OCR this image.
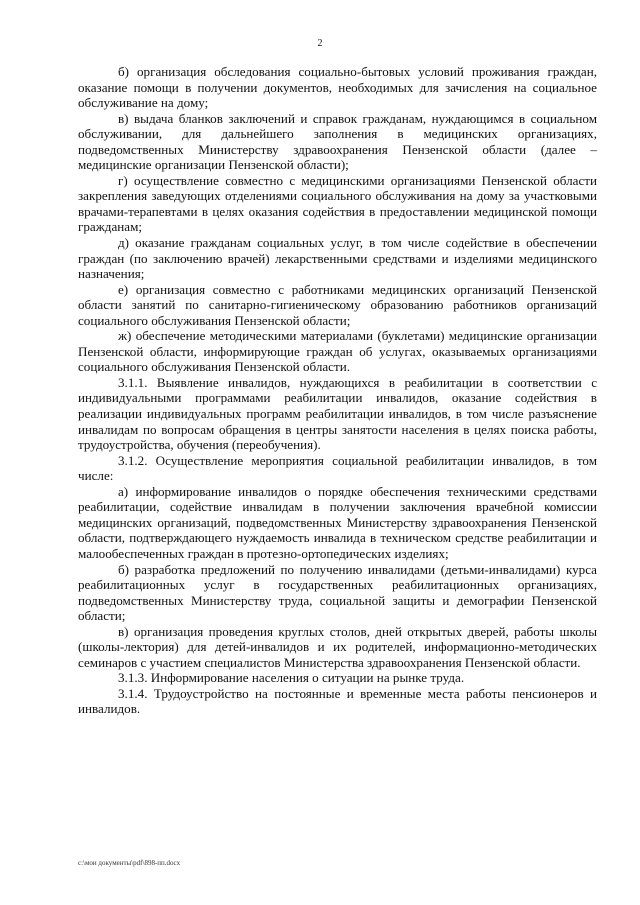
2

б) организация обследования социально-бытовых условий проживания граждан, оказание помощи в получении документов, необходимых для зачисления на социальное обслуживание на дому;

в) выдача бланков заключений и справок гражданам, нуждающимся в социальном обслуживании, для дальнейшего заполнения в медицинских организациях, подведомственных Министерству здравоохранения Пензенской области (далее – медицинские организации Пензенской области);

г) осуществление совместно с медицинскими организациями Пензенской области закрепления заведующих отделениями социального обслуживания на дому за участковыми врачами-терапевтами в целях оказания содействия в предоставлении медицинской помощи гражданам;

д) оказание гражданам социальных услуг, в том числе содействие в обеспечении граждан (по заключению врачей) лекарственными средствами и изделиями медицинского назначения;

е) организация совместно с работниками медицинских организаций Пензенской области занятий по санитарно-гигиеническому образованию работников организаций социального обслуживания Пензенской области;

ж) обеспечение методическими материалами (буклетами) медицинские организации Пензенской области, информирующие граждан об услугах, оказываемых организациями социального обслуживания Пензенской области.

3.1.1. Выявление инвалидов, нуждающихся в реабилитации в соответствии с индивидуальными программами реабилитации инвалидов, оказание содействия в реализации индивидуальных программ реабилитации инвалидов, в том числе разъяснение инвалидам по вопросам обращения в центры занятости населения в целях поиска работы, трудоустройства, обучения (переобучения).

3.1.2. Осуществление мероприятия социальной реабилитации инвалидов, в том числе:

а) информирование инвалидов о порядке обеспечения техническими средствами реабилитации, содействие инвалидам в получении заключения врачебной комиссии медицинских организаций, подведомственных Министерству здравоохранения Пензенской области, подтверждающего нуждаемость инвалида в техническом средстве реабилитации и малообеспеченных граждан в протезно-ортопедических изделиях;

б) разработка предложений по получению инвалидами (детьми-инвалидами) курса реабилитационных услуг в государственных реабилитационных организациях, подведомственных Министерству труда, социальной защиты и демографии Пензенской области;

в) организация проведения круглых столов, дней открытых дверей, работы школы (школы-лектория) для детей-инвалидов и их родителей, информационно-методических семинаров с участием специалистов Министерства здравоохранения Пензенской области.

3.1.3. Информирование населения о ситуации на рынке труда.

3.1.4. Трудоустройство на постоянные и временные места работы пенсионеров и инвалидов.

c:\мои документы\pdf\898-пп.docx
